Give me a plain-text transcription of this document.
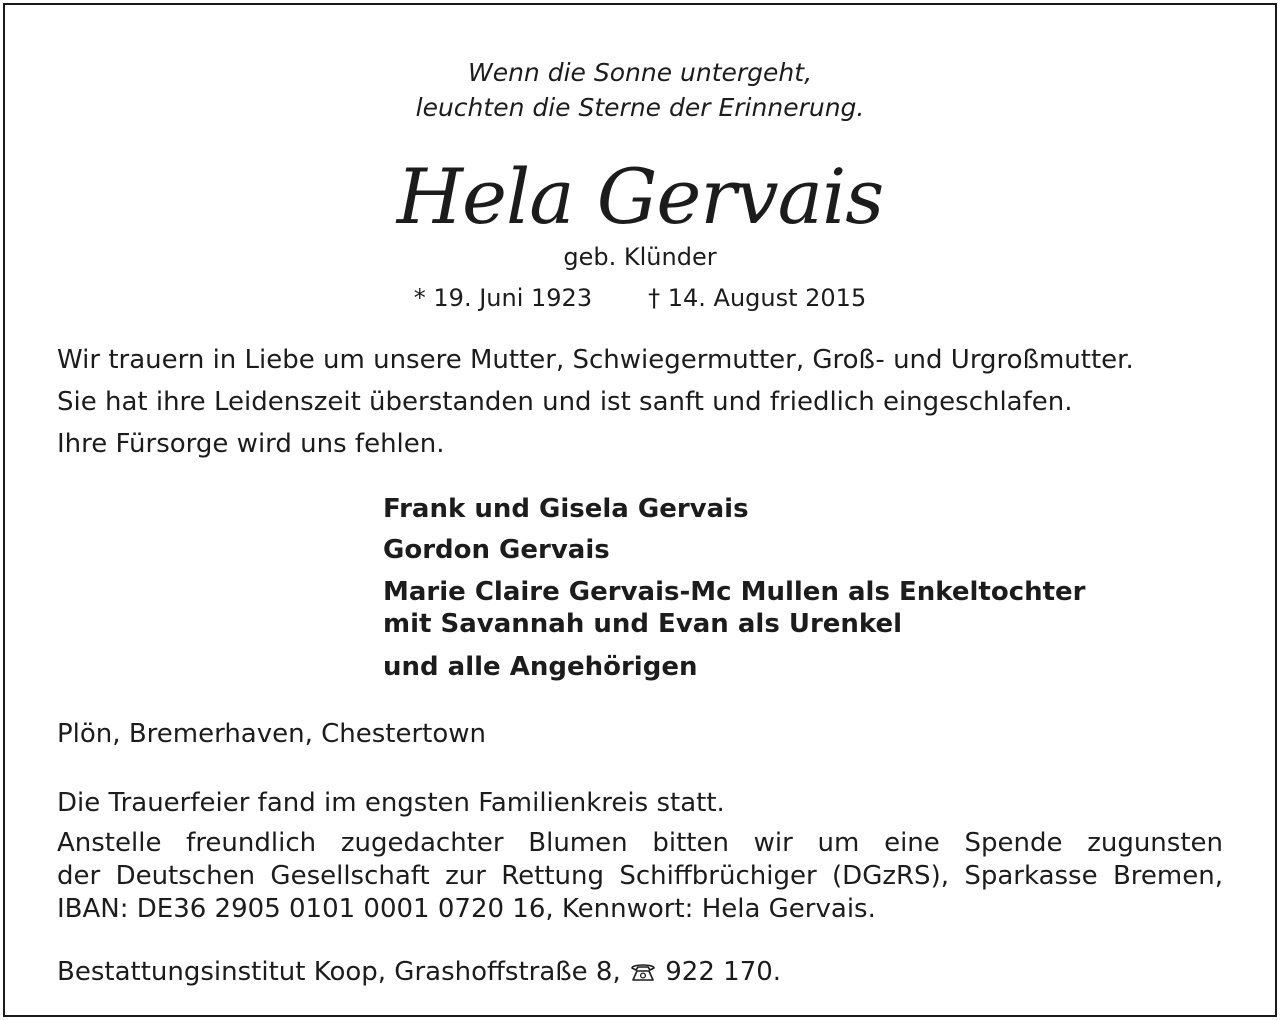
Wenn die Sonne untergeht,
leuchten die Sterne der Erinnerung.
Hela Gervais
geb. Klünder
* 19. Juni 1923 † 14. August 2015
Wir trauern in Liebe um unsere Mutter, Schwiegermutter, Groß- und Urgroßmutter.
Sie hat ihre Leidenszeit überstanden und ist sanft und friedlich eingeschlafen.
Ihre Fürsorge wird uns fehlen.
Frank und Gisela Gervais
Gordon Gervais
Marie Claire Gervais-Mc Mullen als Enkeltochter
mit Savannah und Evan als Urenkel
und alle Angehörigen
Plön, Bremerhaven, Chestertown
Die Trauerfeier fand im engsten Familienkreis statt.
Anstelle freundlich zugedachter Blumen bitten wir um eine Spende zugunsten
der Deutschen Gesellschaft zur Rettung Schiffbrüchiger (DGzRS), Sparkasse Bremen,
IBAN: DE36 2905 0101 0001 0720 16, Kennwort: Hela Gervais.
Bestattungsinstitut Koop, Grashoffstraße 8, 922 170.
